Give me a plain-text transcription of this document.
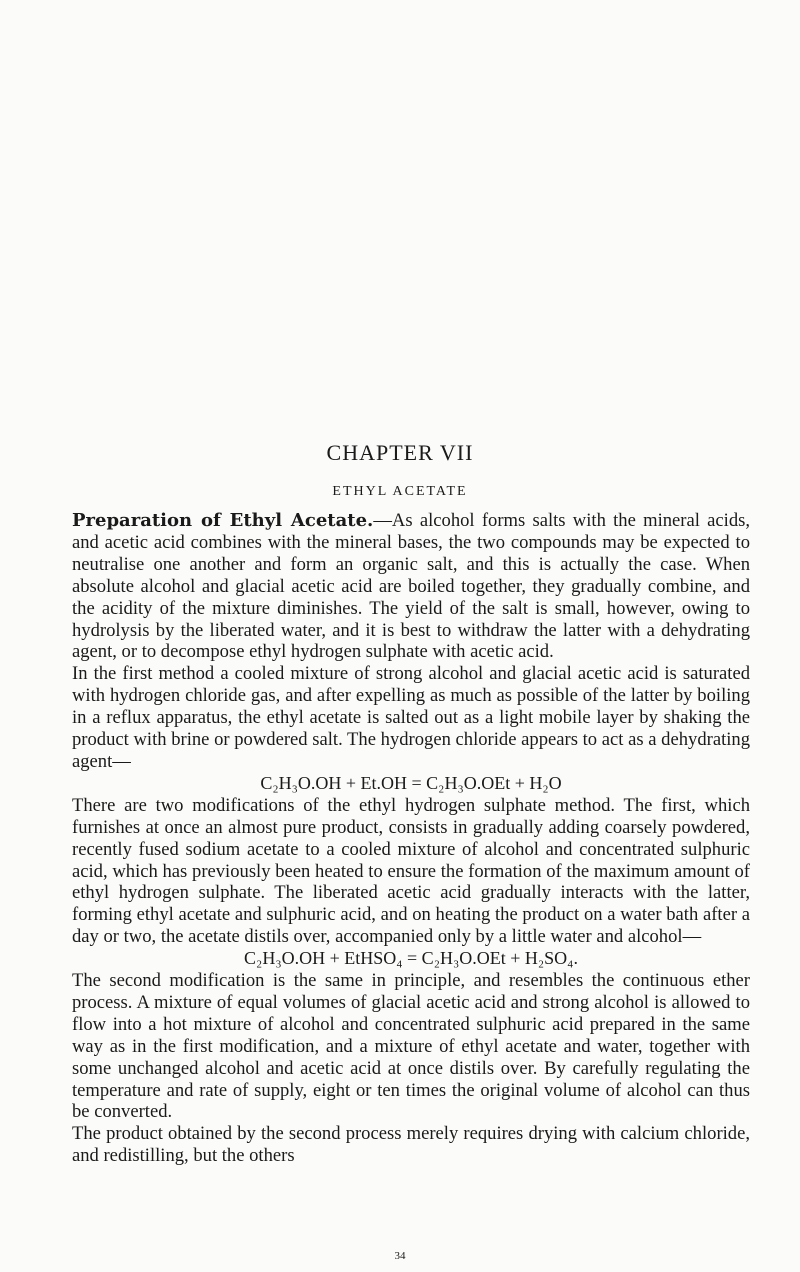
CHAPTER VII
ETHYL ACETATE

Preparation of Ethyl Acetate.—As alcohol forms salts with the mineral acids, and acetic acid combines with the mineral bases, the two compounds may be expected to neutralise one another and form an organic salt, and this is actually the case. When absolute alcohol and glacial acetic acid are boiled together, they gradually combine, and the acidity of the mixture diminishes. The yield of the salt is small, however, owing to hydrolysis by the liberated water, and it is best to withdraw the latter with a dehydrating agent, or to decompose ethyl hydrogen sulphate with acetic acid.

In the first method a cooled mixture of strong alcohol and glacial acetic acid is saturated with hydrogen chloride gas, and after expelling as much as possible of the latter by boiling in a reflux apparatus, the ethyl acetate is salted out as a light mobile layer by shaking the product with brine or powdered salt. The hydrogen chloride appears to act as a dehydrating agent—

C₂H₃O.OH + Et.OH = C₂H₃O.OEt + H₂O

There are two modifications of the ethyl hydrogen sulphate method. The first, which furnishes at once an almost pure product, consists in gradually adding coarsely powdered, recently fused sodium acetate to a cooled mixture of alcohol and concentrated sulphuric acid, which has previously been heated to ensure the formation of the maximum amount of ethyl hydrogen sulphate. The liberated acetic acid gradually interacts with the latter, forming ethyl acetate and sulphuric acid, and on heating the product on a water bath after a day or two, the acetate distils over, accompanied only by a little water and alcohol—

C₂H₃O.OH + EtHSO₄ = C₂H₃O.OEt + H₂SO₄.

The second modification is the same in principle, and resembles the continuous ether process. A mixture of equal volumes of glacial acetic acid and strong alcohol is allowed to flow into a hot mixture of alcohol and concentrated sulphuric acid prepared in the same way as in the first modification, and a mixture of ethyl acetate and water, together with some unchanged alcohol and acetic acid at once distils over. By carefully regulating the temperature and rate of supply, eight or ten times the original volume of alcohol can thus be converted.

The product obtained by the second process merely requires drying with calcium chloride, and redistilling, but the others

34
